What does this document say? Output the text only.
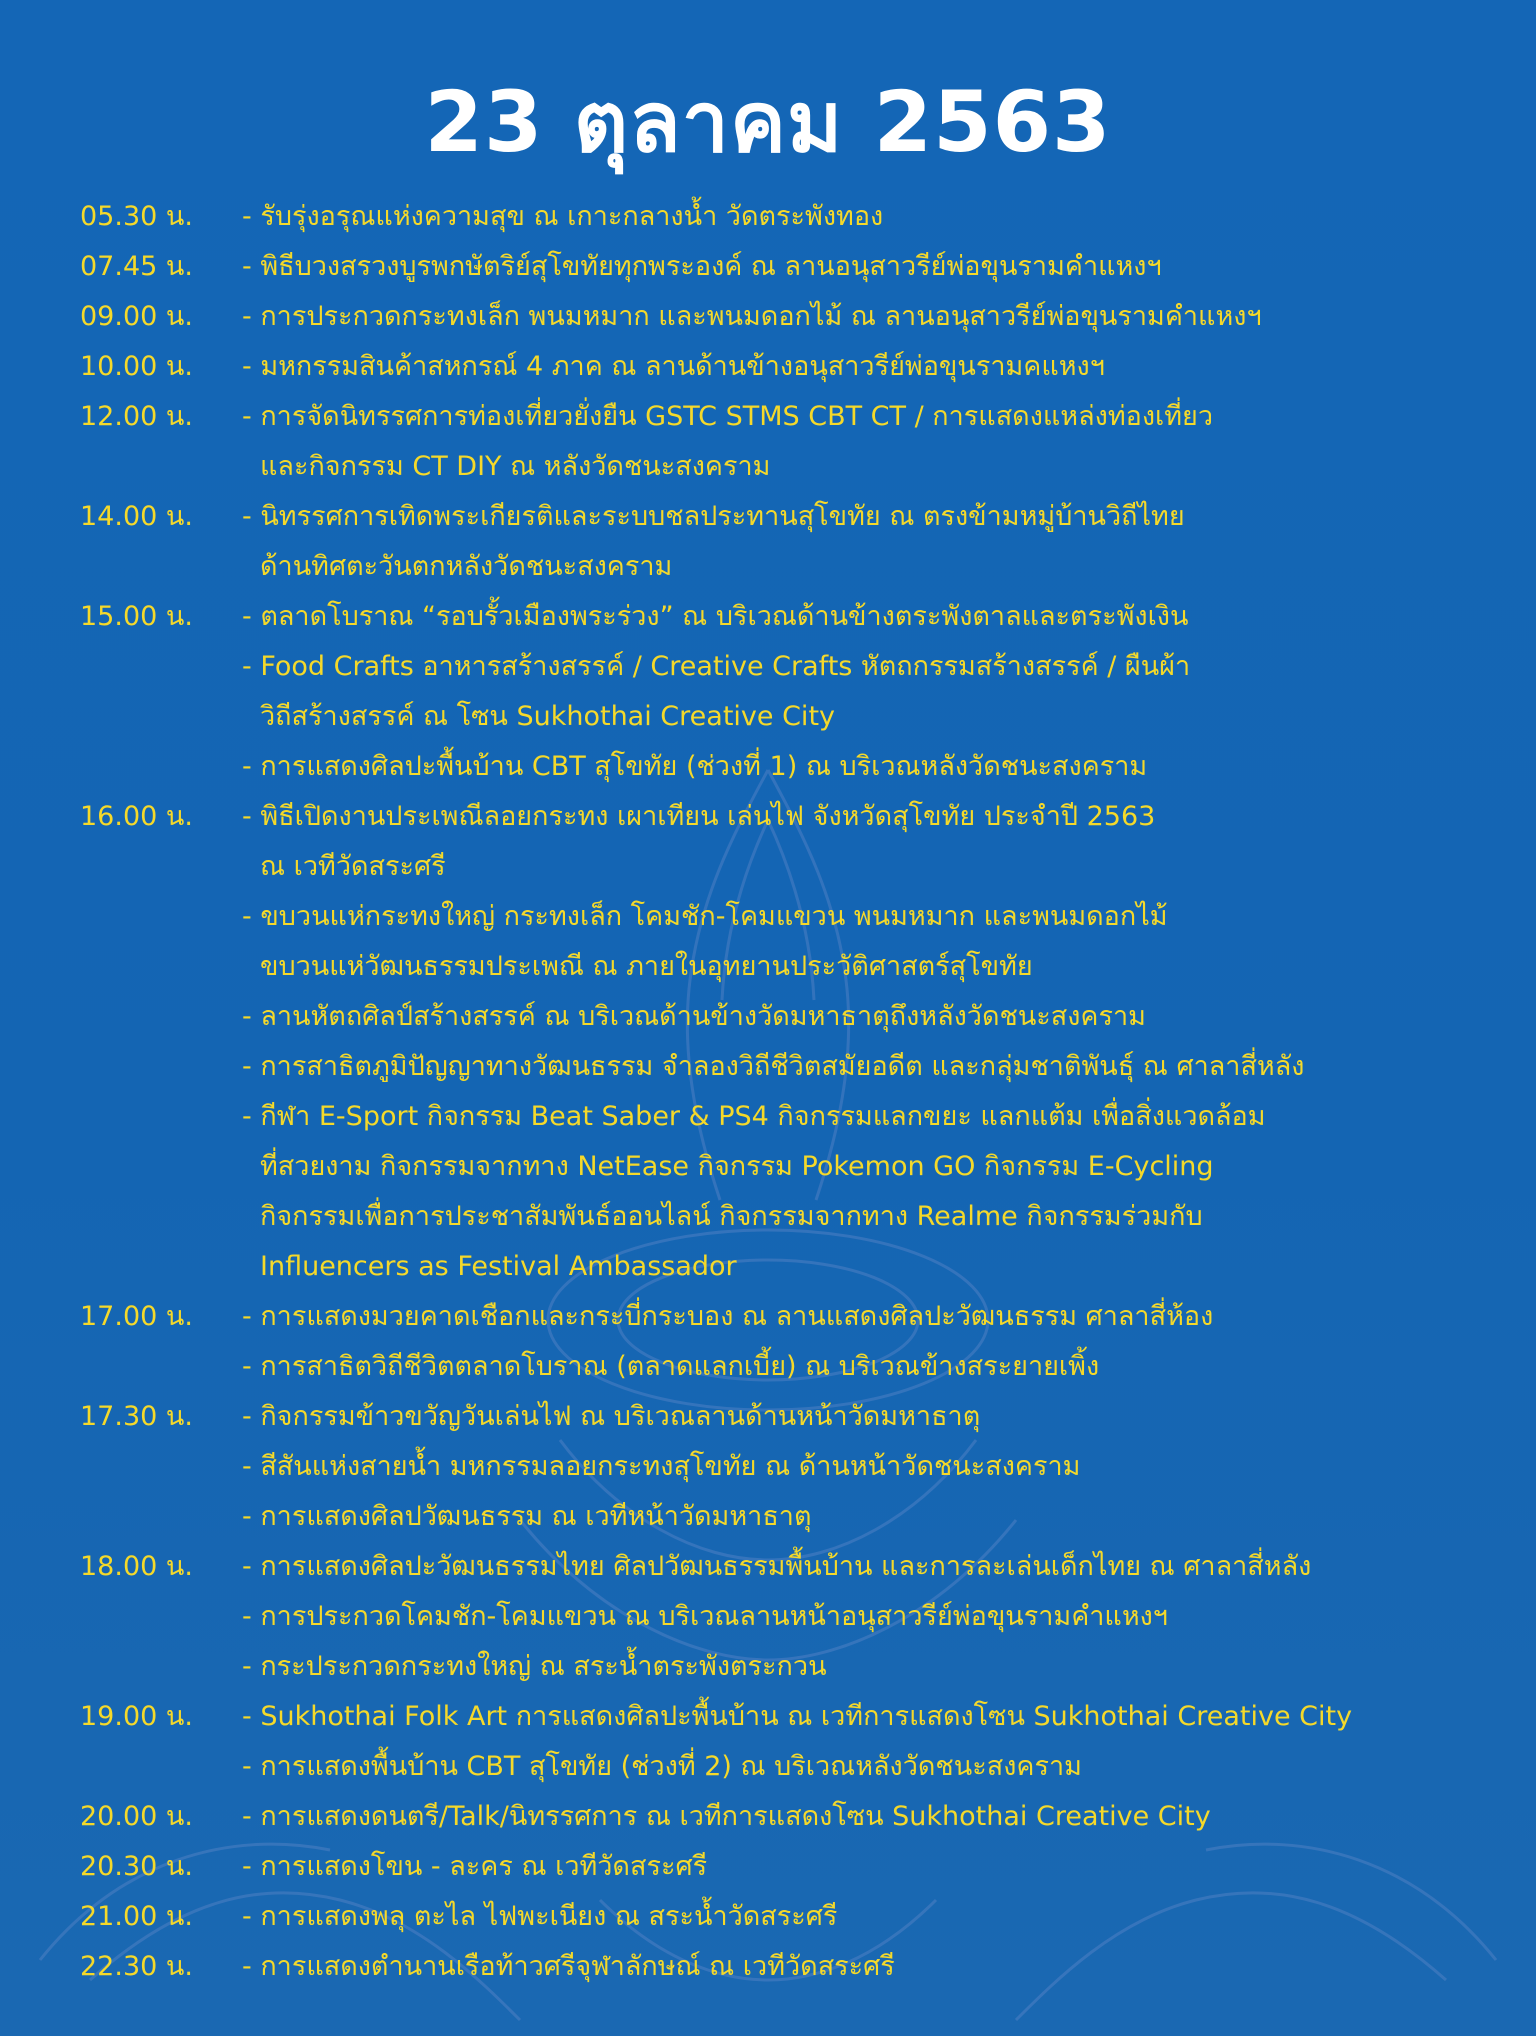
23 ตุลาคม 2563
05.30 น. - รับรุ่งอรุณแห่งความสุข ณ เกาะกลางน้ำ วัดตระพังทอง
07.45 น. - พิธีบวงสรวงบูรพกษัตริย์สุโขทัยทุกพระองค์ ณ ลานอนุสาวรีย์พ่อขุนรามคำแหงฯ
09.00 น. - การประกวดกระทงเล็ก พนมหมาก และพนมดอกไม้ ณ ลานอนุสาวรีย์พ่อขุนรามคำแหงฯ
10.00 น. - มหกรรมสินค้าสหกรณ์ 4 ภาค ณ ลานด้านข้างอนุสาวรีย์พ่อขุนรามคแหงฯ
12.00 น. - การจัดนิทรรศการท่องเที่ยวยั่งยืน GSTC STMS CBT CT / การแสดงแหล่งท่องเที่ยว
และกิจกรรม CT DIY ณ หลังวัดชนะสงคราม
14.00 น. - นิทรรศการเทิดพระเกียรติและระบบชลประทานสุโขทัย ณ ตรงข้ามหมู่บ้านวิถีไทย
ด้านทิศตะวันตกหลังวัดชนะสงคราม
15.00 น. - ตลาดโบราณ “รอบรั้วเมืองพระร่วง” ณ บริเวณด้านข้างตระพังตาลและตระพังเงิน
- Food Crafts อาหารสร้างสรรค์ / Creative Crafts หัตถกรรมสร้างสรรค์ / ผืนผ้า
วิถีสร้างสรรค์ ณ โซน Sukhothai Creative City
- การแสดงศิลปะพื้นบ้าน CBT สุโขทัย (ช่วงที่ 1) ณ บริเวณหลังวัดชนะสงคราม
16.00 น. - พิธีเปิดงานประเพณีลอยกระทง เผาเทียน เล่นไฟ จังหวัดสุโขทัย ประจำปี 2563
ณ เวทีวัดสระศรี
- ขบวนแห่กระทงใหญ่ กระทงเล็ก โคมชัก-โคมแขวน พนมหมาก และพนมดอกไม้
ขบวนแห่วัฒนธรรมประเพณี ณ ภายในอุทยานประวัติศาสตร์สุโขทัย
- ลานหัตถศิลป์สร้างสรรค์ ณ บริเวณด้านข้างวัดมหาธาตุถึงหลังวัดชนะสงคราม
- การสาธิตภูมิปัญญาทางวัฒนธรรม จำลองวิถีชีวิตสมัยอดีต และกลุ่มชาติพันธุ์ ณ ศาลาสี่หลัง
- กีฬา E-Sport กิจกรรม Beat Saber & PS4 กิจกรรมแลกขยะ แลกแต้ม เพื่อสิ่งแวดล้อม
ที่สวยงาม กิจกรรมจากทาง NetEase กิจกรรม Pokemon GO กิจกรรม E-Cycling
กิจกรรมเพื่อการประชาสัมพันธ์ออนไลน์ กิจกรรมจากทาง Realme กิจกรรมร่วมกับ
Influencers as Festival Ambassador
17.00 น. - การแสดงมวยคาดเชือกและกระบี่กระบอง ณ ลานแสดงศิลปะวัฒนธรรม ศาลาสี่ห้อง
- การสาธิตวิถีชีวิตตลาดโบราณ (ตลาดแลกเบี้ย) ณ บริเวณข้างสระยายเพิ้ง
17.30 น. - กิจกรรมข้าวขวัญวันเล่นไฟ ณ บริเวณลานด้านหน้าวัดมหาธาตุ
- สีสันแห่งสายน้ำ มหกรรมลอยกระทงสุโขทัย ณ ด้านหน้าวัดชนะสงคราม
- การแสดงศิลปวัฒนธรรม ณ เวทีหน้าวัดมหาธาตุ
18.00 น. - การแสดงศิลปะวัฒนธรรมไทย ศิลปวัฒนธรรมพื้นบ้าน และการละเล่นเด็กไทย ณ ศาลาสี่หลัง
- การประกวดโคมชัก-โคมแขวน ณ บริเวณลานหน้าอนุสาวรีย์พ่อขุนรามคำแหงฯ
- กระประกวดกระทงใหญ่ ณ สระน้ำตระพังตระกวน
19.00 น. - Sukhothai Folk Art การแสดงศิลปะพื้นบ้าน ณ เวทีการแสดงโซน Sukhothai Creative City
- การแสดงพื้นบ้าน CBT สุโขทัย (ช่วงที่ 2) ณ บริเวณหลังวัดชนะสงคราม
20.00 น. - การแสดงดนตรี/Talk/นิทรรศการ ณ เวทีการแสดงโซน Sukhothai Creative City
20.30 น. - การแสดงโขน - ละคร ณ เวทีวัดสระศรี
21.00 น. - การแสดงพลุ ตะไล ไฟพะเนียง ณ สระน้ำวัดสระศรี
22.30 น. - การแสดงตำนานเรือท้าวศรีจุฬาลักษณ์ ณ เวทีวัดสระศรี
